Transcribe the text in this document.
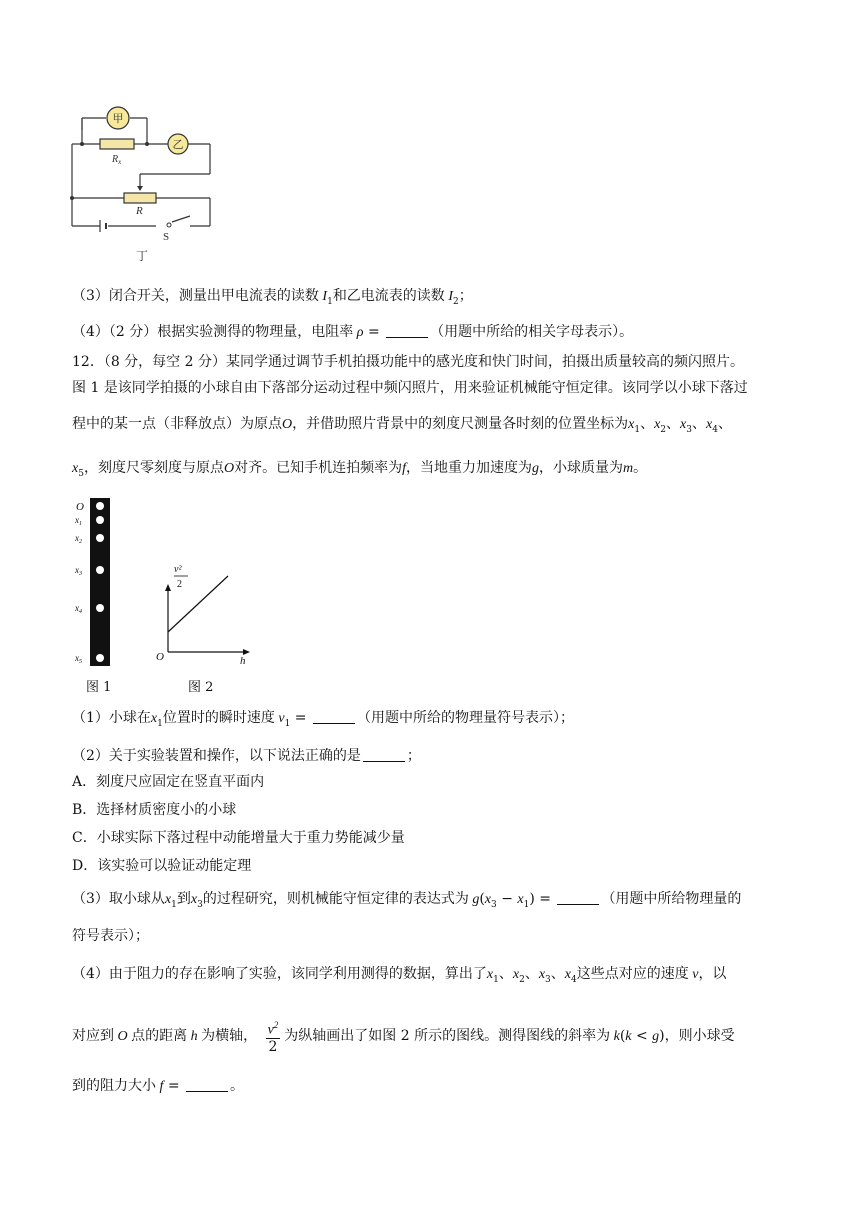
甲
乙
$R_x$
R
S
丁
（3）闭合开关，测量出甲电流表的读数 $I_1$和乙电流表的读数 $I_2$；
（4）（2 分）根据实验测得的物理量，电阻率 ρ =	（用题中所给的相关字母表示）。
12．（8 分，每空 2 分）某同学通过调节手机拍摄功能中的感光度和快门时间，拍摄出质量较高的频闪照片。
图 1 是该同学拍摄的小球自由下落部分运动过程中频闪照片，用来验证机械能守恒定律。该同学以小球下落过
程中的某一点（非释放点）为原点O，并借助照片背景中的刻度尺测量各时刻的位置坐标为$x_1$、$x_2$、$x_3$、$x_4$、
$x_5$，刻度尺零刻度与原点O对齐。已知手机连拍频率为f，当地重力加速度为g，小球质量为m。
O
$x_1$
$x_2$
$x_3$
$x_4$
$x_5$
图 1
O	h
v²
2
图 2
（1）小球在$x_1$位置时的瞬时速度 $v_1$ =	（用题中所给的物理量符号表示）；
（2）关于实验装置和操作，以下说法正确的是	；
A．刻度尺应固定在竖直平面内
B．选择材质密度小的小球
C．小球实际下落过程中动能增量大于重力势能减少量
D．该实验可以验证动能定理
（3）取小球从$x_1$到$x_3$的过程研究，则机械能守恒定律的表达式为 $g(x_3 - x_1)$ =	（用题中所给物理量的
符号表示）；
（4）由于阻力的存在影响了实验，该同学利用测得的数据，算出了$x_1$、$x_2$、$x_3$、$x_4$这些点对应的速度 v，以
对应到 O 点的距离 h 为横轴， $\frac{v^2}{2}$ 为纵轴画出了如图 2 所示的图线。测得图线的斜率为 k(k < g)，则小球受
到的阻力大小 f =	。
